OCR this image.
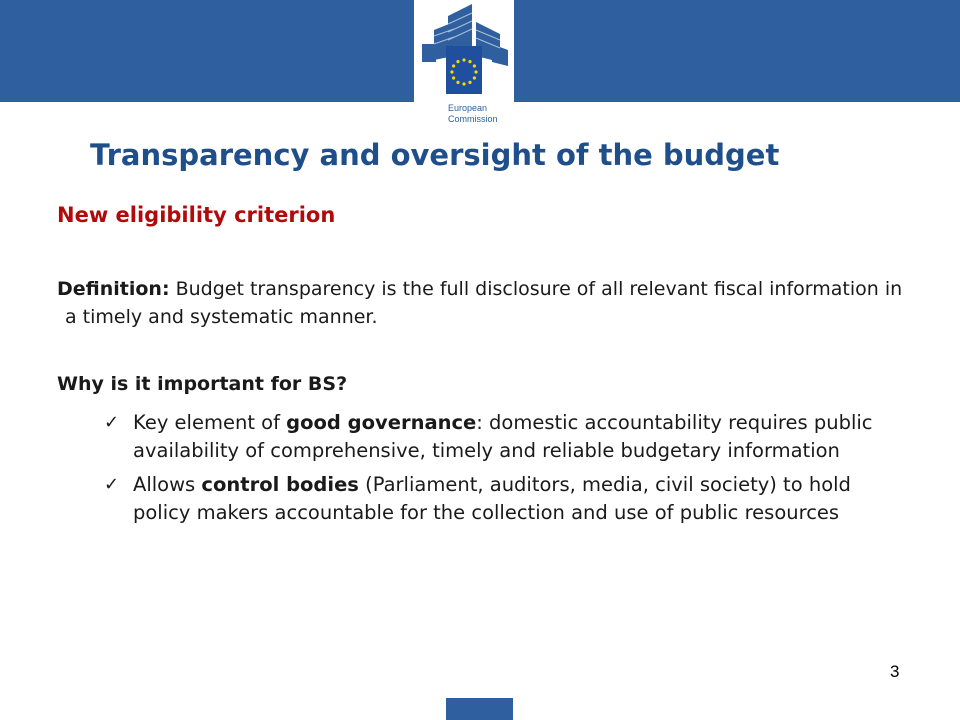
European
Commission
Transparency and oversight of the budget
New eligibility criterion

Definition: Budget transparency is the full disclosure of all relevant fiscal information in a timely and systematic manner.

Why is it important for BS?
✓ Key element of good governance: domestic accountability requires public availability of comprehensive, timely and reliable budgetary information
✓ Allows control bodies (Parliament, auditors, media, civil society) to hold policy makers accountable for the collection and use of public resources
3
